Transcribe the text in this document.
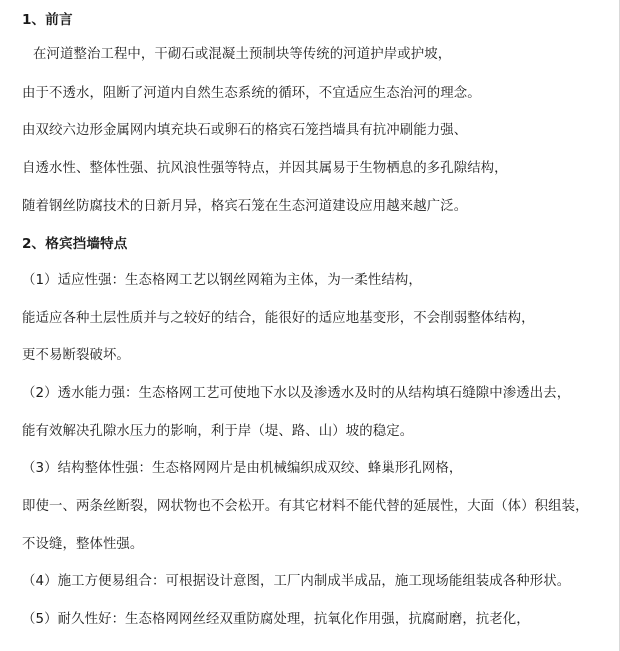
1、前言
在河道整治工程中，干砌石或混凝土预制块等传统的河道护岸或护坡，
由于不透水，阻断了河道内自然生态系统的循环，不宜适应生态治河的理念。
由双绞六边形金属网内填充块石或卵石的格宾石笼挡墙具有抗冲刷能力强、
自透水性、整体性强、抗风浪性强等特点，并因其属易于生物栖息的多孔隙结构，
随着钢丝防腐技术的日新月异，格宾石笼在生态河道建设应用越来越广泛。
2、格宾挡墙特点
（1）适应性强：生态格网工艺以钢丝网箱为主体，为一柔性结构，
能适应各种土层性质并与之较好的结合，能很好的适应地基变形，不会削弱整体结构，
更不易断裂破坏。
（2）透水能力强：生态格网工艺可使地下水以及渗透水及时的从结构填石缝隙中渗透出去，
能有效解决孔隙水压力的影响，利于岸（堤、路、山）坡的稳定。
（3）结构整体性强：生态格网网片是由机械编织成双绞、蜂巢形孔网格，
即使一、两条丝断裂，网状物也不会松开。有其它材料不能代替的延展性，大面（体）积组装，
不设缝，整体性强。
（4）施工方便易组合：可根据设计意图，工厂内制成半成品，施工现场能组装成各种形状。
（5）耐久性好：生态格网网丝经双重防腐处理，抗氧化作用强，抗腐耐磨，抗老化，
